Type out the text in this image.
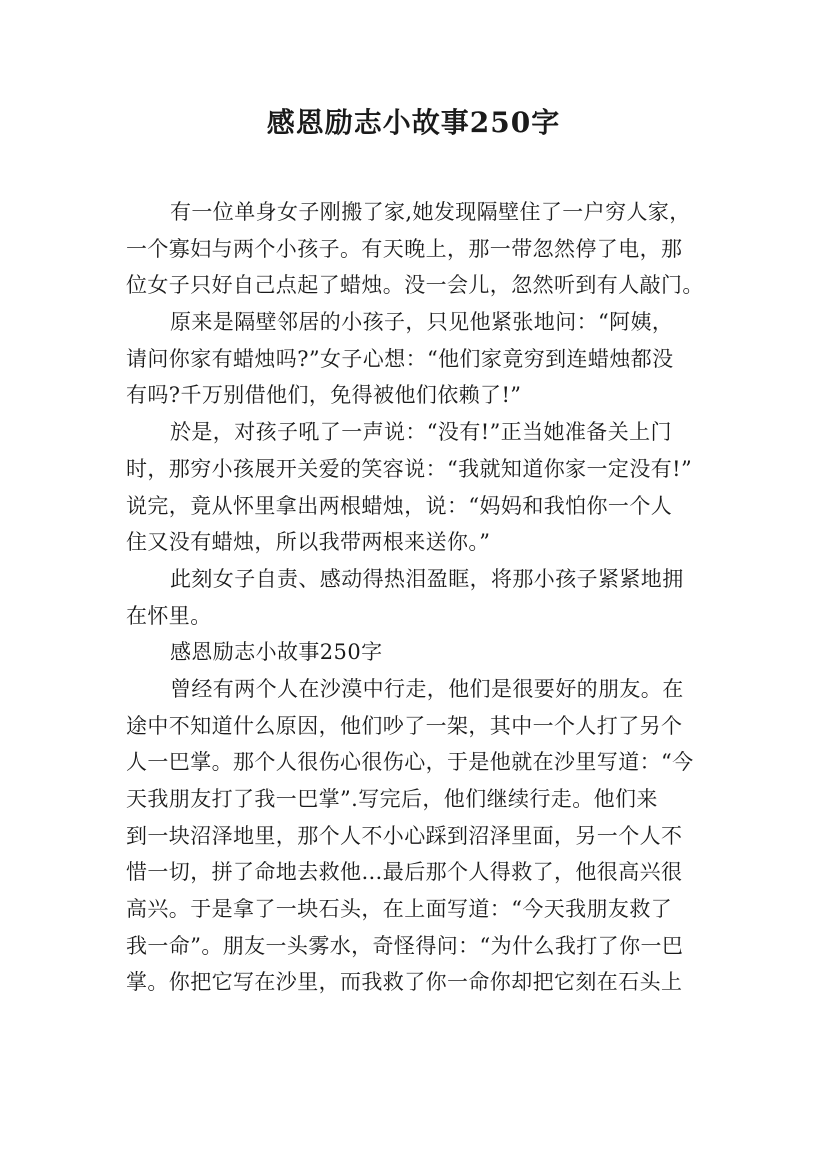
感恩励志小故事250字
有一位单身女子刚搬了家,她发现隔壁住了一户穷人家，
一个寡妇与两个小孩子。有天晚上，那一带忽然停了电，那
位女子只好自己点起了蜡烛。没一会儿，忽然听到有人敲门。
原来是隔壁邻居的小孩子，只见他紧张地问：“阿姨，
请问你家有蜡烛吗?”女子心想：“他们家竟穷到连蜡烛都没
有吗?千万别借他们，免得被他们依赖了!”
於是，对孩子吼了一声说：“没有!”正当她准备关上门
时，那穷小孩展开关爱的笑容说：“我就知道你家一定没有!”
说完，竟从怀里拿出两根蜡烛，说：“妈妈和我怕你一个人
住又没有蜡烛，所以我带两根来送你。”
此刻女子自责、感动得热泪盈眶，将那小孩子紧紧地拥
在怀里。
感恩励志小故事250字
曾经有两个人在沙漠中行走，他们是很要好的朋友。在
途中不知道什么原因，他们吵了一架，其中一个人打了另个
人一巴掌。那个人很伤心很伤心，于是他就在沙里写道：“今
天我朋友打了我一巴掌”.写完后，他们继续行走。他们来
到一块沼泽地里，那个人不小心踩到沼泽里面，另一个人不
惜一切，拼了命地去救他…最后那个人得救了，他很高兴很
高兴。于是拿了一块石头，在上面写道：“今天我朋友救了
我一命”。朋友一头雾水，奇怪得问：“为什么我打了你一巴
掌。你把它写在沙里，而我救了你一命你却把它刻在石头上
